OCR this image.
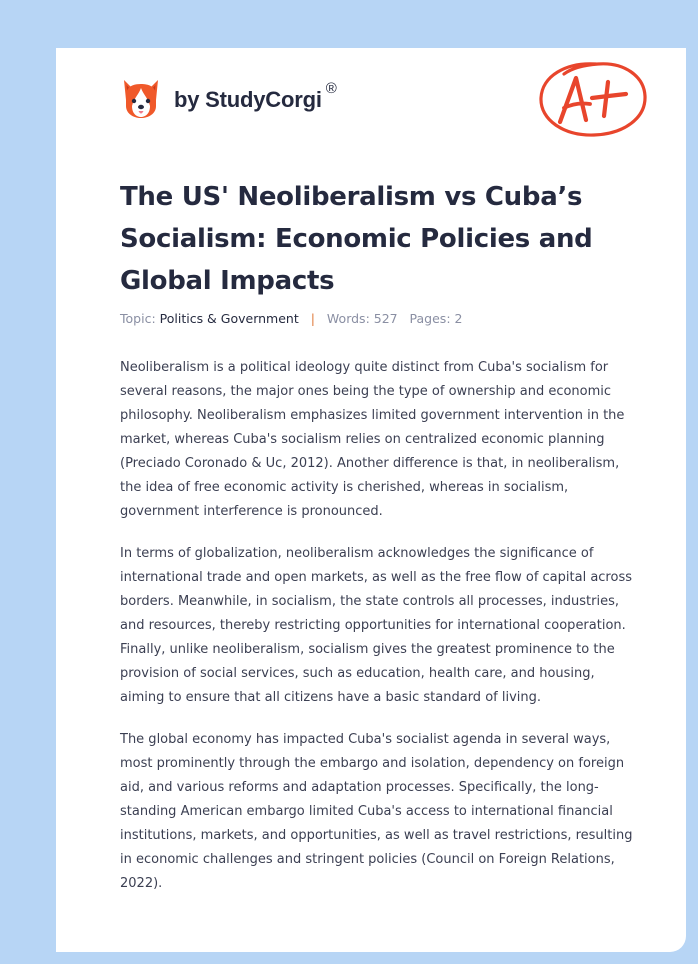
by StudyCorgi ®
The US' Neoliberalism vs Cuba’s Socialism: Economic Policies and Global Impacts
Topic: Politics & Government | Words: 527 Pages: 2

Neoliberalism is a political ideology quite distinct from Cuba's socialism for several reasons, the major ones being the type of ownership and economic philosophy. Neoliberalism emphasizes limited government intervention in the market, whereas Cuba's socialism relies on centralized economic planning (Preciado Coronado & Uc, 2012). Another difference is that, in neoliberalism, the idea of free economic activity is cherished, whereas in socialism, government interference is pronounced.

In terms of globalization, neoliberalism acknowledges the significance of international trade and open markets, as well as the free flow of capital across borders. Meanwhile, in socialism, the state controls all processes, industries, and resources, thereby restricting opportunities for international cooperation. Finally, unlike neoliberalism, socialism gives the greatest prominence to the provision of social services, such as education, health care, and housing, aiming to ensure that all citizens have a basic standard of living.

The global economy has impacted Cuba's socialist agenda in several ways, most prominently through the embargo and isolation, dependency on foreign aid, and various reforms and adaptation processes. Specifically, the long-standing American embargo limited Cuba's access to international financial institutions, markets, and opportunities, as well as travel restrictions, resulting in economic challenges and stringent policies (Council on Foreign Relations, 2022).
